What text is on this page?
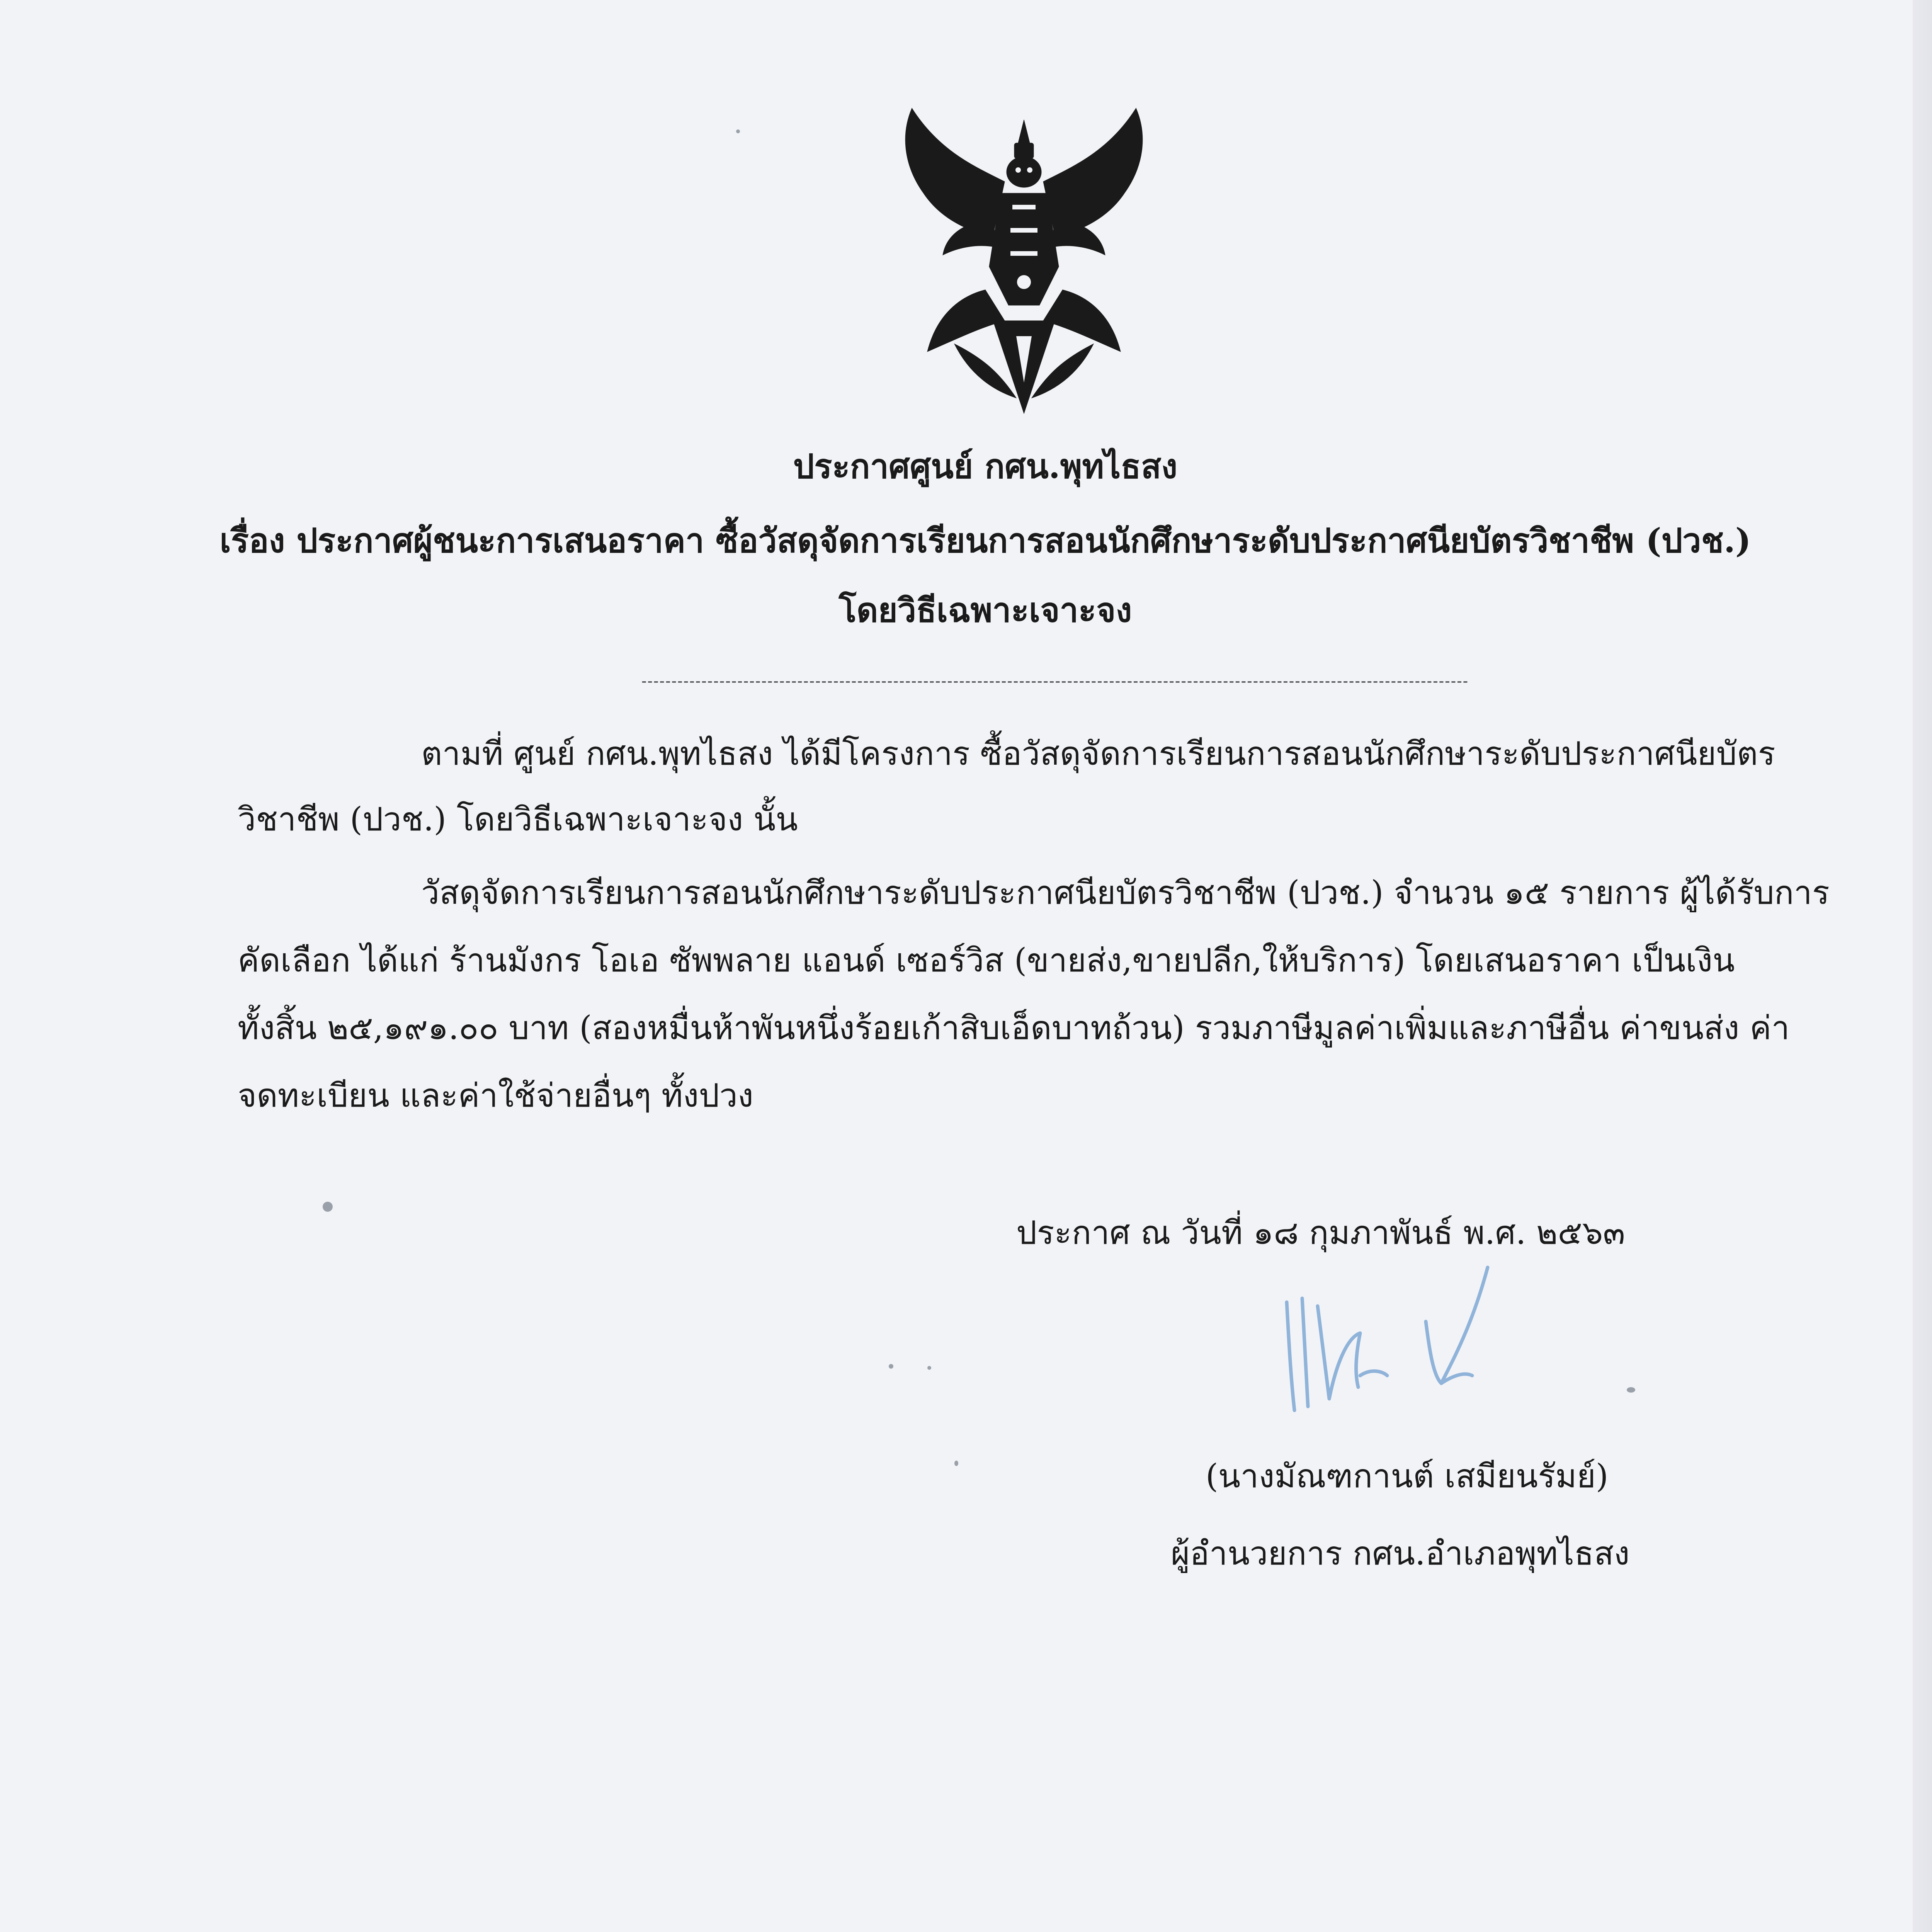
ประกาศศูนย์ กศน.พุทไธสง
เรื่อง ประกาศผู้ชนะการเสนอราคา ซื้อวัสดุจัดการเรียนการสอนนักศึกษาระดับประกาศนียบัตรวิชาชีพ (ปวช.)
โดยวิธีเฉพาะเจาะจง
------------------------------------------------------------------------------------------------------------------------------------------
ตามที่ ศูนย์ กศน.พุทไธสง ได้มีโครงการ ซื้อวัสดุจัดการเรียนการสอนนักศึกษาระดับประกาศนียบัตร
วิชาชีพ (ปวช.) โดยวิธีเฉพาะเจาะจง นั้น
วัสดุจัดการเรียนการสอนนักศึกษาระดับประกาศนียบัตรวิชาชีพ (ปวช.) จำนวน ๑๕ รายการ ผู้ได้รับการ
คัดเลือก ได้แก่ ร้านมังกร โอเอ ซัพพลาย แอนด์ เซอร์วิส (ขายส่ง,ขายปลีก,ให้บริการ) โดยเสนอราคา เป็นเงิน
ทั้งสิ้น ๒๕,๑๙๑.๐๐ บาท (สองหมื่นห้าพันหนึ่งร้อยเก้าสิบเอ็ดบาทถ้วน) รวมภาษีมูลค่าเพิ่มและภาษีอื่น ค่าขนส่ง ค่า
จดทะเบียน และค่าใช้จ่ายอื่นๆ ทั้งปวง
ประกาศ ณ วันที่ ๑๘ กุมภาพันธ์ พ.ศ. ๒๕๖๓
(นางมัณฑกานต์ เสมียนรัมย์)
ผู้อำนวยการ กศน.อำเภอพุทไธสง
